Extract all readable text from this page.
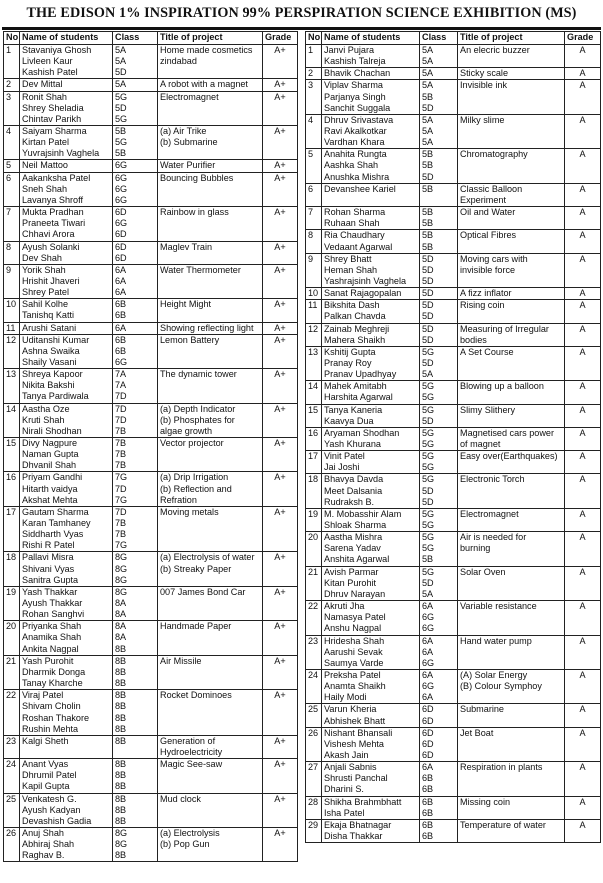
THE EDISON 1% INSPIRATION 99% PERSPIRATION SCIENCE EXHIBITION (MS)
No	Name of students	Class	Title of project	Grade
1	Stavaniya Ghosh
Livleen Kaur
Kashish Patel	5A
5A
5D	Home made cosmetics
zindabad	A+
2	Dev Mittal	5A	A robot with a magnet	A+
3	Ronit Shah
Shrey Sheladia
Chintav Parikh	5G
5D
5G	Electromagnet	A+
4	Saiyam Sharma
Kirtan Patel
Yuvrajsinh Vaghela	5B
5G
5B	(a) Air Trike
(b) Submarine	A+
5	Neil Mattoo	6G	Water Purifier	A+
6	Aakanksha Patel
Sneh Shah
Lavanya Shroff	6G
6G
6G	Bouncing Bubbles	A+
7	Mukta Pradhan
Praneeta Tiwari
Chhavi Arora	6D
6G
6D	Rainbow in glass	A+
8	Ayush Solanki
Dev Shah	6D
6D	Maglev Train	A+
9	Yorik Shah
Hrishit Jhaveri
Shrey Patel	6A
6A
6A	Water Thermometer	A+
10	Sahil Kolhe
Tanishq Katti	6B
6B	Height Might	A+
11	Arushi Satani	6A	Showing reflecting light	A+
12	Uditanshi Kumar
Ashna Swaika
Shaily Vasani	6B
6B
6G	Lemon Battery	A+
13	Shreya Kapoor
Nikita Bakshi
Tanya Pardiwala	7A
7A
7D	The dynamic tower	A+
14	Aastha Oze
Kruti Shah
Nirali Shodhan	7D
7D
7B	(a) Depth Indicator
(b) Phosphates for
algae growth	A+
15	Divy Nagpure
Naman Gupta
Dhvanil Shah	7B
7B
7B	Vector projector	A+
16	Priyam Gandhi
Hitarth vaidya
Akshat Mehta	7G
7D
7G	(a) Drip Irrigation
(b) Reflection and
Refration	A+
17	Gautam Sharma
Karan Tamhaney
Siddharth Vyas
Rishi R Patel	7D
7B
7B
7G	Moving metals	A+
18	Pallavi Misra
Shivani Vyas
Sanitra Gupta	8G
8G
8G	(a) Electrolysis of water
(b) Streaky Paper	A+
19	Yash Thakkar
Ayush Thakkar
Rohan Sanghvi	8G
8A
8A	007 James Bond Car	A+
20	Priyanka Shah
Anamika Shah
Ankita Nagpal	8A
8A
8B	Handmade Paper	A+
21	Yash Purohit
Dharmik Donga
Tanay Kharche	8B
8B
8B	Air Missile	A+
22	Viraj Patel
Shivam Cholin
Roshan Thakore
Rushin Mehta	8B
8B
8B
8B	Rocket Dominoes	A+
23	Kalgi Sheth	8B	Generation of
Hydroelectricity	A+
24	Anant Vyas
Dhrumil Patel
Kapil Gupta	8B
8B
8B	Magic See-saw	A+
25	Venkatesh G.
Ayush Kadyan
Devashish Gadia	8B
8B
8B	Mud clock	A+
26	Anuj Shah
Abhiraj Shah
Raghav B.	8G
8G
8B	(a) Electrolysis
(b) Pop Gun	A+
No	Name of students	Class	Title of project	Grade
1	Janvi Pujara
Kashish Talreja	5A
5A	An elecric buzzer	A
2	Bhavik Chachan	5A	Sticky scale	A
3	Viplav Sharma
Parjanya Singh
Sanchit Suggala	5A
5B
5D	Invisible ink	A
4	Dhruv Srivastava
Ravi Akalkotkar
Vardhan Khara	5A
5A
5A	Milky slime	A
5	Anahita Rungta
Aashka Shah
Anushka Mishra	5B
5B
5D	Chromatography	A
6	Devanshee Kariel	5B	Classic Balloon
Experiment	A
7	Rohan Sharma
Ruhaan Shah	5B
5B	Oil and Water	A
8	Ria Chaudhary
Vedaant Agarwal	5B
5B	Optical Fibres	A
9	Shrey Bhatt
Heman Shah
Yashrajsinh Vaghela	5D
5D
5D	Moving cars with
invisible force	A
10	Sanat Rajagopalan	5D	A fizz inflator	A
11	Bikshita Dash
Palkan Chavda	5D
5D	Rising coin	A
12	Zainab Meghreji
Mahera Shaikh	5D
5D	Measuring of Irregular
bodies	A
13	Kshitij Gupta
Pranay Roy
Pranav Upadhyay	5G
5D
5A	A Set Course	A
14	Mahek Amitabh
Harshita Agarwal	5G
5G	Blowing up a balloon	A
15	Tanya Kaneria
Kaavya Dua	5G
5D	Slimy Slithery	A
16	Aryaman Shodhan
Yash Khurana	5G
5G	Magnetised cars power
of magnet	A
17	Vinit Patel
Jai Joshi	5G
5G	Easy over(Earthquakes)	A
18	Bhavya Davda
Meet Dalsania
Rudraksh B.	5G
5D
5D	Electronic Torch	A
19	M. Mobasshir Alam
Shloak Sharma	5G
5G	Electromagnet	A
20	Aastha Mishra
Sarena Yadav
Anshita Agarwal	5G
5G
5B	Air is needed for
burning	A
21	Avish Parmar
Kitan Purohit
Dhruv Narayan	5G
5D
5A	Solar Oven	A
22	Akruti Jha
Namasya Patel
Anshu Nagpal	6A
6G
6G	Variable resistance	A
23	Hridesha Shah
Aarushi Sevak
Saumya Varde	6A
6A
6G	Hand water pump	A
24	Preksha Patel
Anamta Shaikh
Haily Modi	6A
6G
6A	(A) Solar Energy
(B) Colour Symphoy	A
25	Varun Kheria
Abhishek Bhatt	6D
6D	Submarine	A
26	Nishant Bhansali
Vishesh Mehta
Akash Jain	6D
6D
6D	Jet Boat	A
27	Anjali Sabnis
Shrusti Panchal
Dharini S.	6A
6B
6B	Respiration in plants	A
28	Shikha Brahmbhatt
Isha Patel	6B
6B	Missing coin	A
29	Ekaja Bhatnagar
Disha Thakkar	6B
6B	Temperature of water	A
